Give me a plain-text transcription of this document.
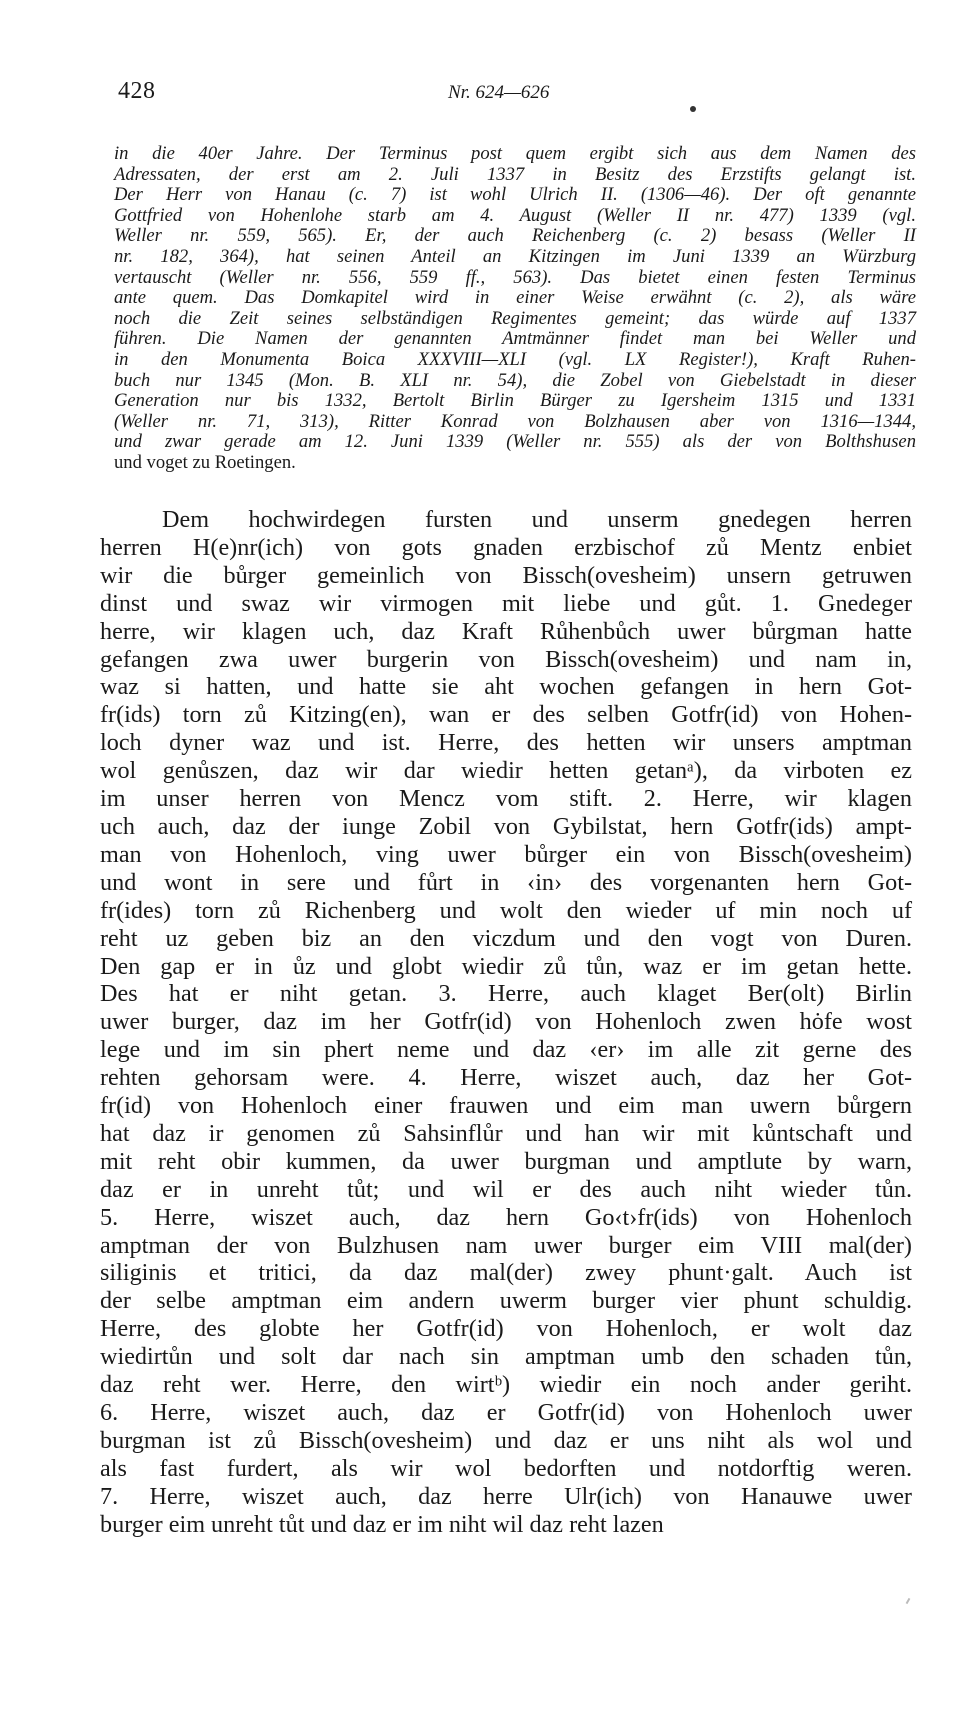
428	Nr. 624—626
in die 40er Jahre. Der Terminus post quem ergibt sich aus dem Namen des
Adressaten, der erst am 2. Juli 1337 in Besitz des Erzstifts gelangt ist.
Der Herr von Hanau (c. 7) ist wohl Ulrich II. (1306—46). Der oft genannte
Gottfried von Hohenlohe starb am 4. August (Weller II nr. 477) 1339 (vgl.
Weller nr. 559, 565). Er, der auch Reichenberg (c. 2) besass (Weller II
nr. 182, 364), hat seinen Anteil an Kitzingen im Juni 1339 an Würzburg
vertauscht (Weller nr. 556, 559 ff., 563). Das bietet einen festen Terminus
ante quem. Das Domkapitel wird in einer Weise erwähnt (c. 2), als wäre
noch die Zeit seines selbständigen Regimentes gemeint; das würde auf 1337
führen. Die Namen der genannten Amtmänner findet man bei Weller und
in den Monumenta Boica XXXVIII—XLI (vgl. LX Register!), Kraft Ruhen-
buch nur 1345 (Mon. B. XLI nr. 54), die Zobel von Giebelstadt in dieser
Generation nur bis 1332, Bertolt Birlin Bürger zu Igersheim 1315 und 1331
(Weller nr. 71, 313), Ritter Konrad von Bolzhausen aber von 1316—1344,
und zwar gerade am 12. Juni 1339 (Weller nr. 555) als der von Bolthshusen
und voget zu Roetingen.
Dem hochwirdegen fursten und unserm gnedegen herren
herren H(e)nr(ich) von gots gnaden erzbischof zů Mentz enbiet
wir die bůrger gemeinlich von Bissch(ovesheim) unsern getruwen
dinst und swaz wir virmogen mit liebe und gůt. 1. Gnedeger
herre, wir klagen uch, daz Kraft Růhenbůch uwer bůrgman hatte
gefangen zwa uwer burgerin von Bissch(ovesheim) und nam in,
waz si hatten, und hatte sie aht wochen gefangen in hern Got-
fr(ids) torn zů Kitzing(en), wan er des selben Gotfr(id) von Hohen-
loch dyner waz und ist. Herre, des hetten wir unsers amptman
wol genůszen, daz wir dar wiedir hetten getanᵃ), da virboten ez
im unser herren von Mencz vom stift. 2. Herre, wir klagen
uch auch, daz der iunge Zobil von Gybilstat, hern Gotfr(ids) ampt-
man von Hohenloch, ving uwer bůrger ein von Bissch(ovesheim)
und wont in sere und fůrt in ‹in› des vorgenanten hern Got-
fr(ides) torn zů Richenberg und wolt den wieder uf min noch uf
reht uz geben biz an den viczdum und den vogt von Duren.
Den gap er in ůz und globt wiedir zů tůn, waz er im getan hette.
Des hat er niht getan. 3. Herre, auch klaget Ber(olt) Birlin
uwer burger, daz im her Gotfr(id) von Hohenloch zwen hȯfe wost
lege und im sin phert neme und daz ‹er› im alle zit gerne des
rehten gehorsam were. 4. Herre, wiszet auch, daz her Got-
fr(id) von Hohenloch einer frauwen und eim man uwern bůrgern
hat daz ir genomen zů Sahsinflůr und han wir mit kůntschaft und
mit reht obir kummen, da uwer burgman und amptlute by warn,
daz er in unreht tůt; und wil er des auch niht wieder tůn.
5. Herre, wiszet auch, daz hern Go‹t›fr(ids) von Hohenloch
amptman der von Bulzhusen nam uwer burger eim VIII mal(der)
siliginis et tritici, da daz mal(der) zwey phunt·galt. Auch ist
der selbe amptman eim andern uwerm burger vier phunt schuldig.
Herre, des globte her Gotfr(id) von Hohenloch, er wolt daz
wiedirtůn und solt dar nach sin amptman umb den schaden tůn,
daz reht wer. Herre, den wirtᵇ) wiedir ein noch ander geriht.
6. Herre, wiszet auch, daz er Gotfr(id) von Hohenloch uwer
burgman ist zů Bissch(ovesheim) und daz er uns niht als wol und
als fast furdert, als wir wol bedorften und notdorftig weren.
7. Herre, wiszet auch, daz herre Ulr(ich) von Hanauwe uwer
burger eim unreht tůt und daz er im niht wil daz reht lazen
